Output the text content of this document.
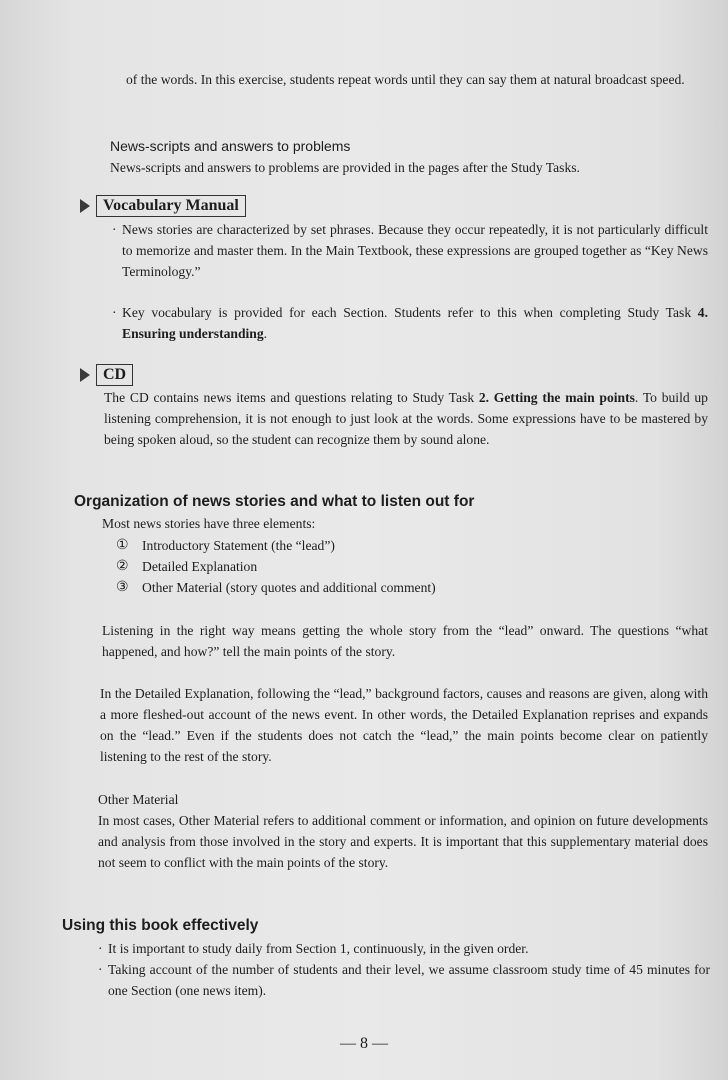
of the words. In this exercise, students repeat words until they can say them at natural broadcast speed.
News-scripts and answers to problems
News-scripts and answers to problems are provided in the pages after the Study Tasks.
Vocabulary Manual
· News stories are characterized by set phrases. Because they occur repeatedly, it is not particularly difficult to memorize and master them. In the Main Textbook, these expressions are grouped together as “Key News Terminology.”
· Key vocabulary is provided for each Section. Students refer to this when completing Study Task 4. Ensuring understanding.
CD
The CD contains news items and questions relating to Study Task 2. Getting the main points. To build up listening comprehension, it is not enough to just look at the words. Some expressions have to be mastered by being spoken aloud, so the student can recognize them by sound alone.
Organization of news stories and what to listen out for
Most news stories have three elements:
① Introductory Statement (the “lead”)
② Detailed Explanation
③ Other Material (story quotes and additional comment)
Listening in the right way means getting the whole story from the “lead” onward. The questions “what happened, and how?” tell the main points of the story.
In the Detailed Explanation, following the “lead,” background factors, causes and reasons are given, along with a more fleshed-out account of the news event. In other words, the Detailed Explanation reprises and expands on the “lead.” Even if the students does not catch the “lead,” the main points become clear on patiently listening to the rest of the story.
Other Material
In most cases, Other Material refers to additional comment or information, and opinion on future developments and analysis from those involved in the story and experts. It is important that this supplementary material does not seem to conflict with the main points of the story.
Using this book effectively
· It is important to study daily from Section 1, continuously, in the given order.
· Taking account of the number of students and their level, we assume classroom study time of 45 minutes for one Section (one news item).
— 8 —
